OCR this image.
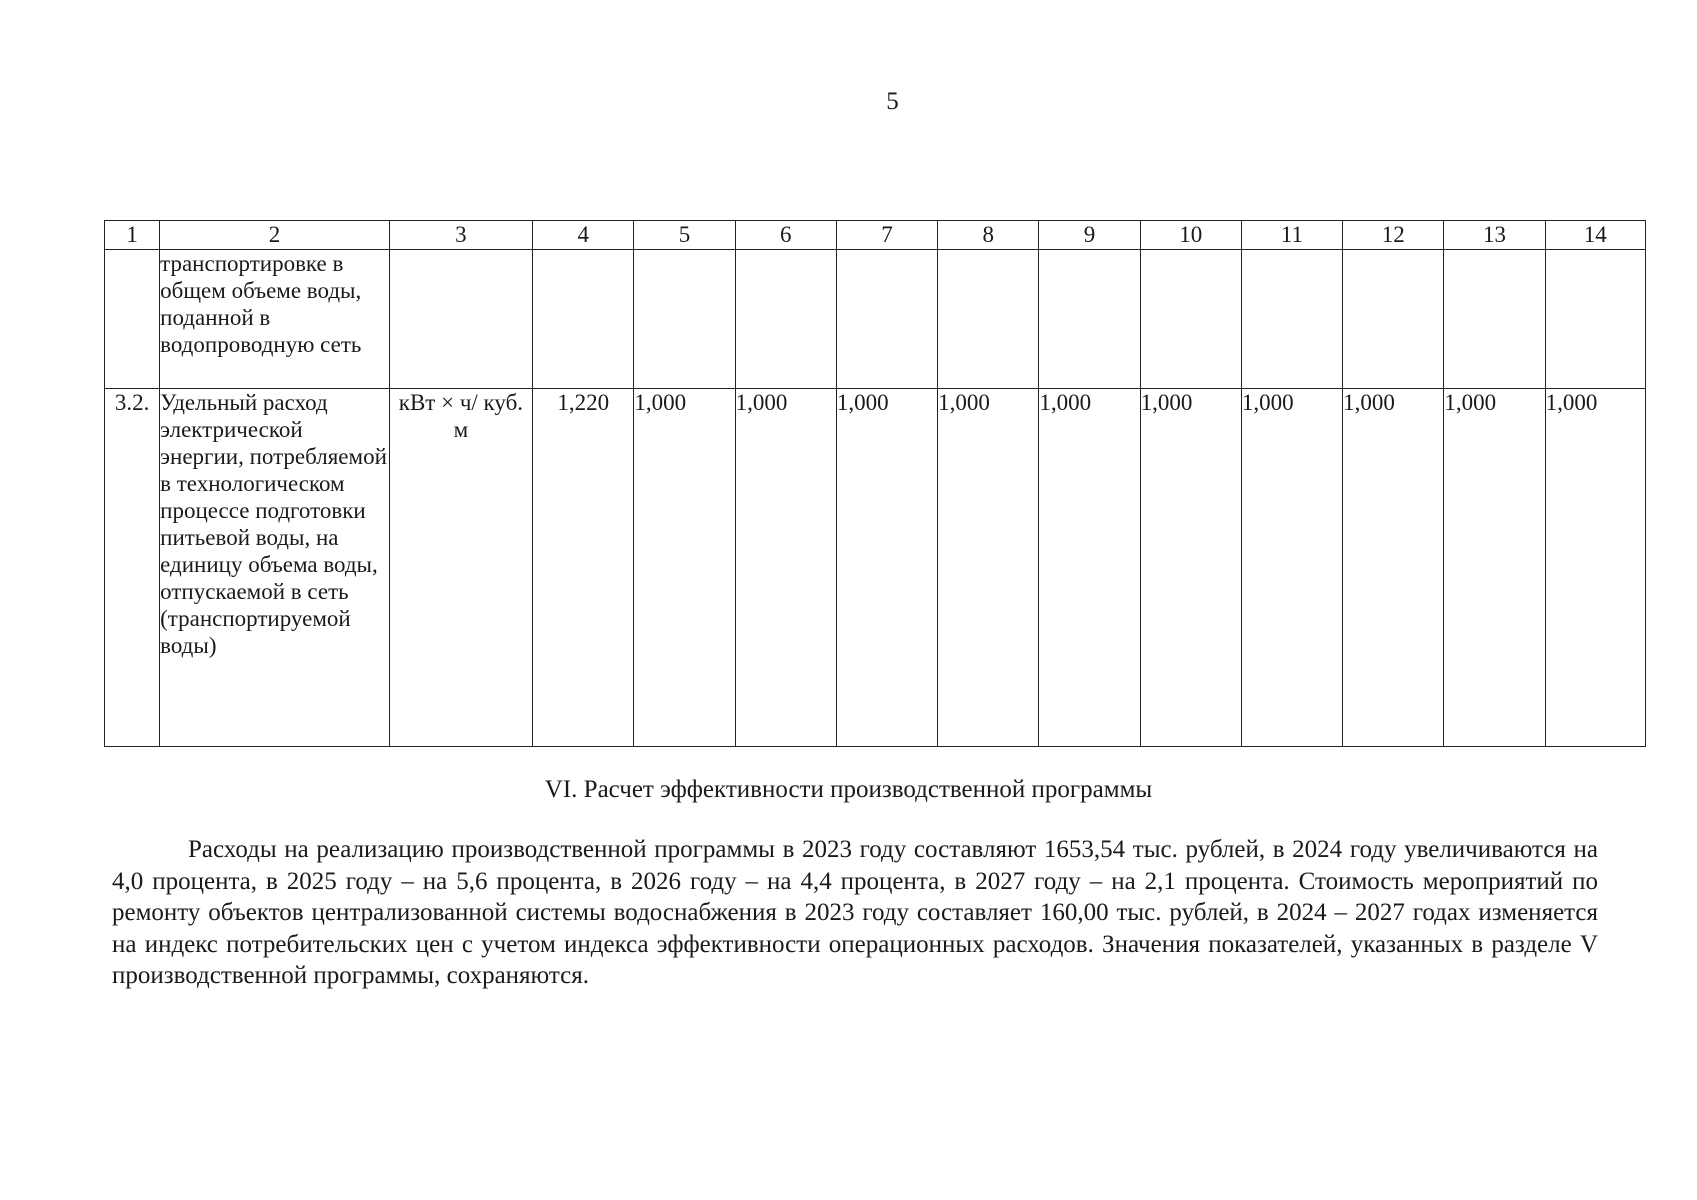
5
1	2	3	4	5	6	7	8	9	10	11	12	13	14
	транспортировке в общем объеме воды, поданной в водопроводную сеть												
3.2.	Удельный расход электрической энергии, потребляемой в технологическом процессе подготовки питьевой воды, на единицу объема воды, отпускаемой в сеть (транспортируемой воды)	кВт × ч/ куб. м	1,220	1,000	1,000	1,000	1,000	1,000	1,000	1,000	1,000	1,000	1,000
VI. Расчет эффективности производственной программы
Расходы на реализацию производственной программы в 2023 году составляют 1653,54 тыс. рублей, в 2024 году увеличиваются на 4,0 процента, в 2025 году – на 5,6 процента, в 2026 году – на 4,4 процента, в 2027 году – на 2,1 процента. Стоимость мероприятий по ремонту объектов централизованной системы водоснабжения в 2023 году составляет 160,00 тыс. рублей, в 2024 – 2027 годах изменяется на индекс потребительских цен с учетом индекса эффективности операционных расходов. Значения показателей, указанных в разделе V производственной программы, сохраняются.
